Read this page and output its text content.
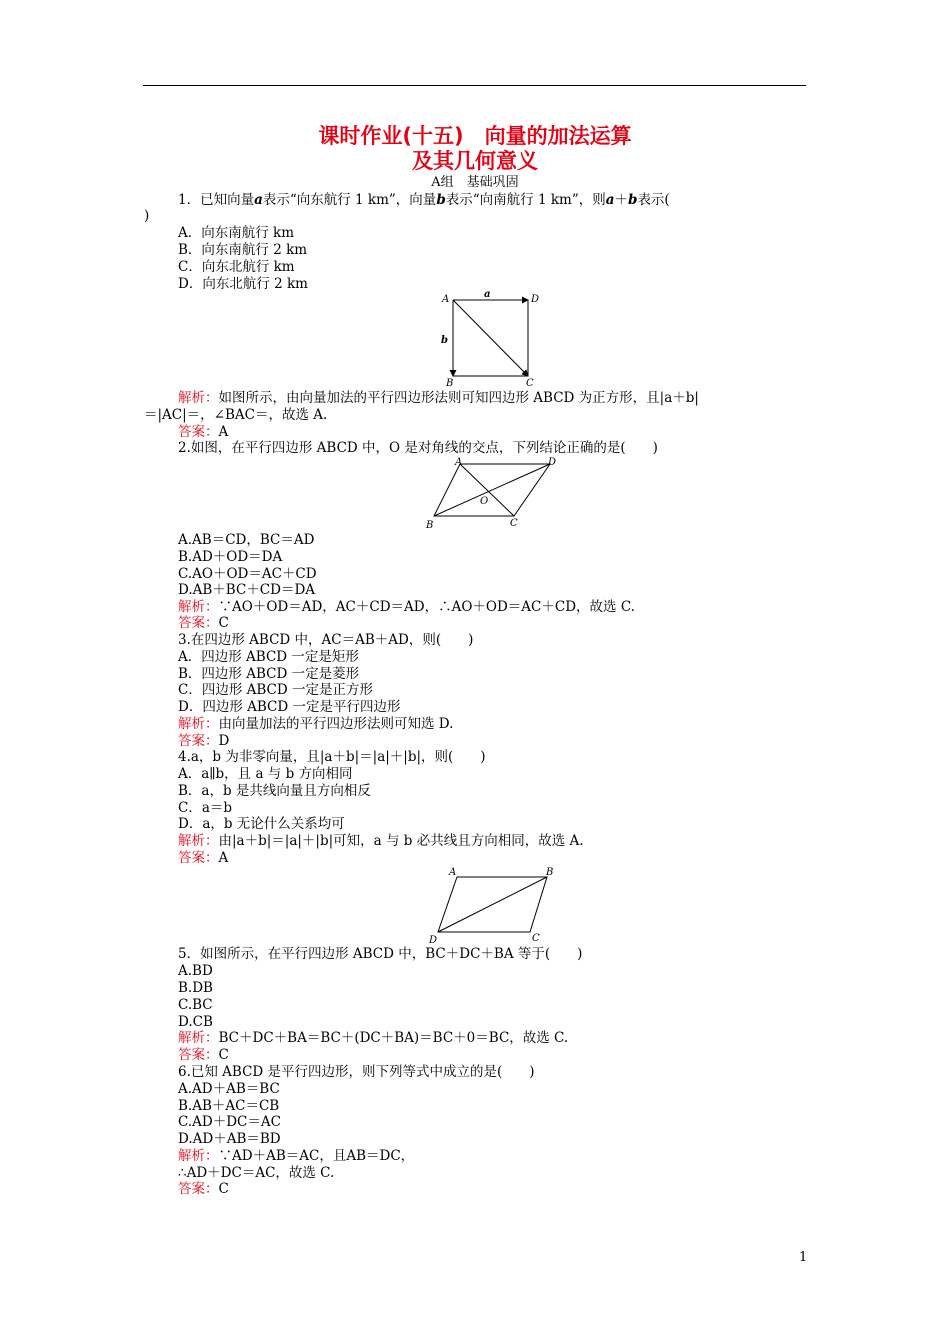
课时作业(十五)　向量的加法运算
及其几何意义
A组　基础巩固
1．已知向量a表示“向东航行 1 km”，向量b表示“向南航行 1 km”，则a＋b表示(
)
A．向东南航行 km
B．向东南航行 2 km
C．向东北航行 km
D．向东北航行 2 km
A	D
B	C
a
b
解析：如图所示，由向量加法的平行四边形法则可知四边形 ABCD 为正方形，且|a＋b|
＝|AC|＝，∠BAC＝，故选 A.
答案：A
2.如图，在平行四边形 ABCD 中，O 是对角线的交点，下列结论正确的是(　　)
A	D
O
B	C
A.AB＝CD，BC＝AD
B.AD＋OD＝DA
C.AO＋OD＝AC＋CD
D.AB＋BC＋CD＝DA
解析：∵AO＋OD＝AD，AC＋CD＝AD，∴AO＋OD＝AC＋CD，故选 C.
答案：C
3.在四边形 ABCD 中，AC＝AB＋AD，则(　　)
A．四边形 ABCD 一定是矩形
B．四边形 ABCD 一定是菱形
C．四边形 ABCD 一定是正方形
D．四边形 ABCD 一定是平行四边形
解析：由向量加法的平行四边形法则可知选 D.
答案：D
4.a，b 为非零向量，且|a＋b|＝|a|＋|b|，则(　　)
A．a∥b，且 a 与 b 方向相同
B．a，b 是共线向量且方向相反
C．a＝b
D．a，b 无论什么关系均可
解析：由|a＋b|＝|a|＋|b|可知，a 与 b 必共线且方向相同，故选 A.
答案：A
A	B
C
D
5．如图所示，在平行四边形 ABCD 中，BC＋DC＋BA 等于(　　)
A.BD
B.DB
C.BC
D.CB
解析：BC＋DC＋BA＝BC＋(DC＋BA)＝BC＋0＝BC，故选 C.
答案：C
6.已知 ABCD 是平行四边形，则下列等式中成立的是(　　)
A.AD＋AB＝BC
B.AB＋AC＝CB
C.AD＋DC＝AC
D.AD＋AB＝BD
解析：∵AD＋AB＝AC，且AB＝DC，
∴AD＋DC＝AC，故选 C.
答案：C
1
